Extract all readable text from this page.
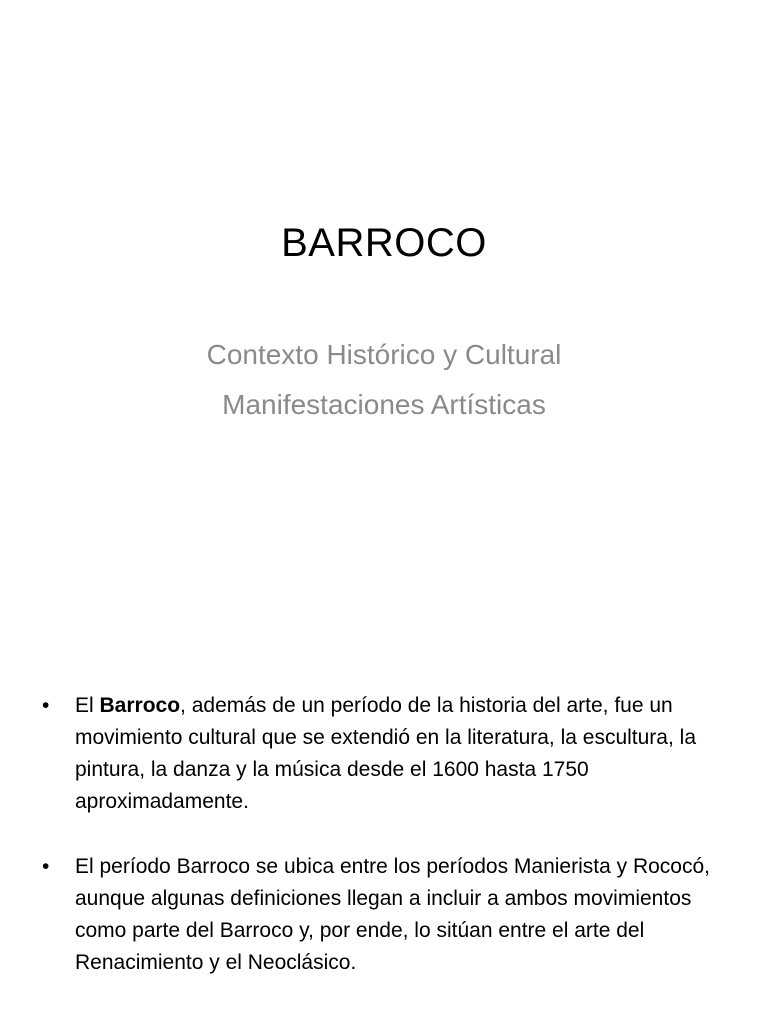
BARROCO
Contexto Histórico y Cultural
Manifestaciones Artísticas
• El Barroco, además de un período de la historia del arte, fue un movimiento cultural que se extendió en la literatura, la escultura, la pintura, la danza y la música desde el 1600 hasta 1750 aproximadamente.
• El período Barroco se ubica entre los períodos Manierista y Rococó, aunque algunas definiciones llegan a incluir a ambos movimientos como parte del Barroco y, por ende, lo sitúan entre el arte del Renacimiento y el Neoclásico.
